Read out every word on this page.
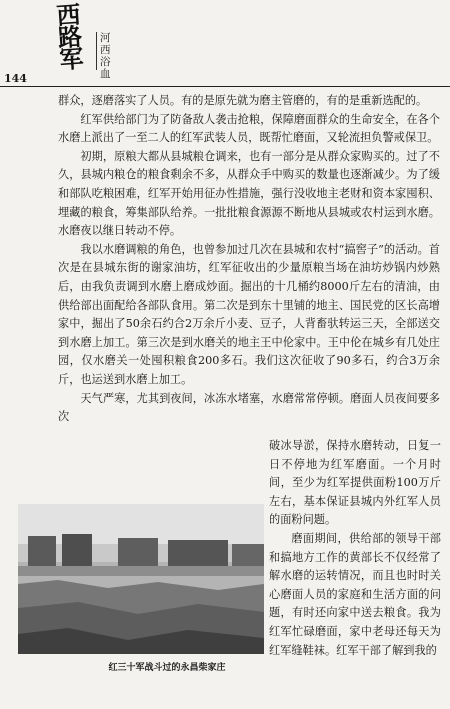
西
路
军
河西浴血
144

群众，逐磨落实了人员。有的是原先就为磨主管磨的，有的是重新选配的。

红军供给部门为了防备敌人袭击抢粮，保障磨面群众的生命安全，在各个水磨上派出了一至二人的红军武装人员，既帮忙磨面，又轮流担负警戒保卫。

初期，原粮大都从县城粮仓调来，也有一部分是从群众家购买的。过了不久，县城内粮仓的粮食剩余不多，从群众手中购买的数量也逐渐减少。为了缓和部队吃粮困难，红军开始用征办性措施，强行没收地主老财和资本家囤积、埋藏的粮食，筹集部队给养。一批批粮食源源不断地从县城或农村运到水磨。水磨夜以继日转动不停。

我以水磨调粮的角色，也曾参加过几次在县城和农村“搞窖子”的活动。首次是在县城东街的谢家油坊，红军征收出的少量原粮当场在油坊炒锅内炒熟后，由我负责调到水磨上磨成炒面。掘出的十几桶约8000斤左右的清油，由供给部出面配给各部队食用。第二次是到东十里铺的地主、国民党的区长高增家中，掘出了50余石约合2万余斤小麦、豆子，人背畜驮转运三天，全部送交到水磨上加工。第三次是到水磨关的地主王中伦家中。王中伦在城乡有几处庄园，仅水磨关一处囤积粮食200多石。我们这次征收了90多石，约合3万余斤，也运送到水磨上加工。

天气严寒，尤其到夜间，冰冻水堵塞，水磨常常停顿。磨面人员夜间要多次

破冰导淤，保持水磨转动，日复一日不停地为红军磨面。一个月时间，至少为红军提供面粉100万斤左右，基本保证县城内外红军人员的面粉问题。

磨面期间，供给部的领导干部和搞地方工作的黄部长不仅经常了解水磨的运转情况，而且也时时关心磨面人员的家庭和生活方面的问题，有时还向家中送去粮食。我为红军忙碌磨面，家中老母还每天为红军缝鞋袜。红军干部了解到我的

红三十军战斗过的永昌柴家庄
